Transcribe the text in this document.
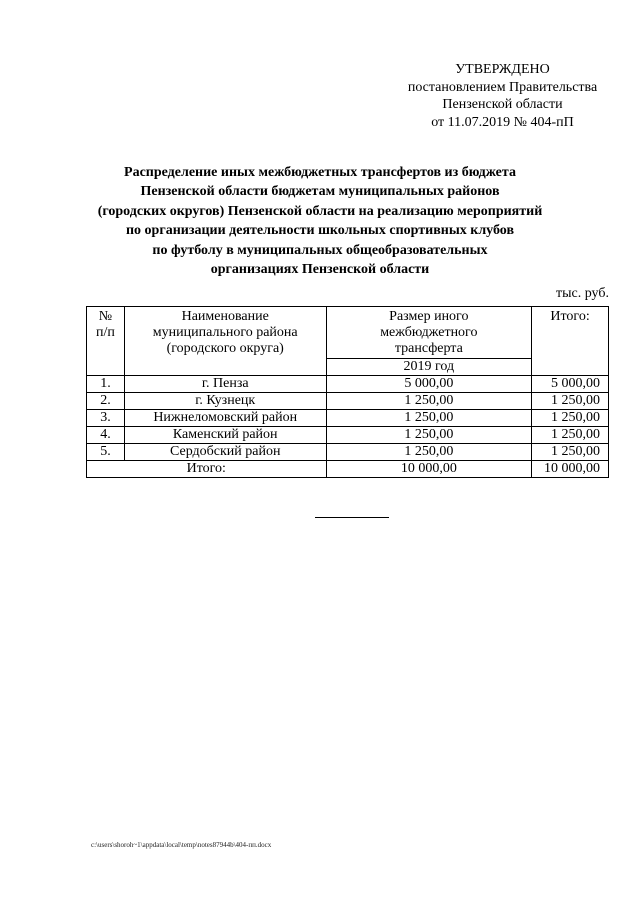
УТВЕРЖДЕНО
постановлением Правительства
Пензенской области
от 11.07.2019 № 404-пП
Распределение иных межбюджетных трансфертов из бюджета
Пензенской области бюджетам муниципальных районов
(городских округов) Пензенской области на реализацию мероприятий
по организации деятельности школьных спортивных клубов
по футболу в муниципальных общеобразовательных
организациях Пензенской области
тыс. руб.
№ п/п	Наименование муниципального района (городского округа)	Размер иного межбюджетного трансферта	Итого:
		2019 год	
1.	г. Пенза	5 000,00	5 000,00
2.	г. Кузнецк	1 250,00	1 250,00
3.	Нижнеломовский район	1 250,00	1 250,00
4.	Каменский район	1 250,00	1 250,00
5.	Сердобский район	1 250,00	1 250,00
Итого:		10 000,00	10 000,00
c:\users\shoroh~1\appdata\local\temp\notes87944b\404-пп.docx
